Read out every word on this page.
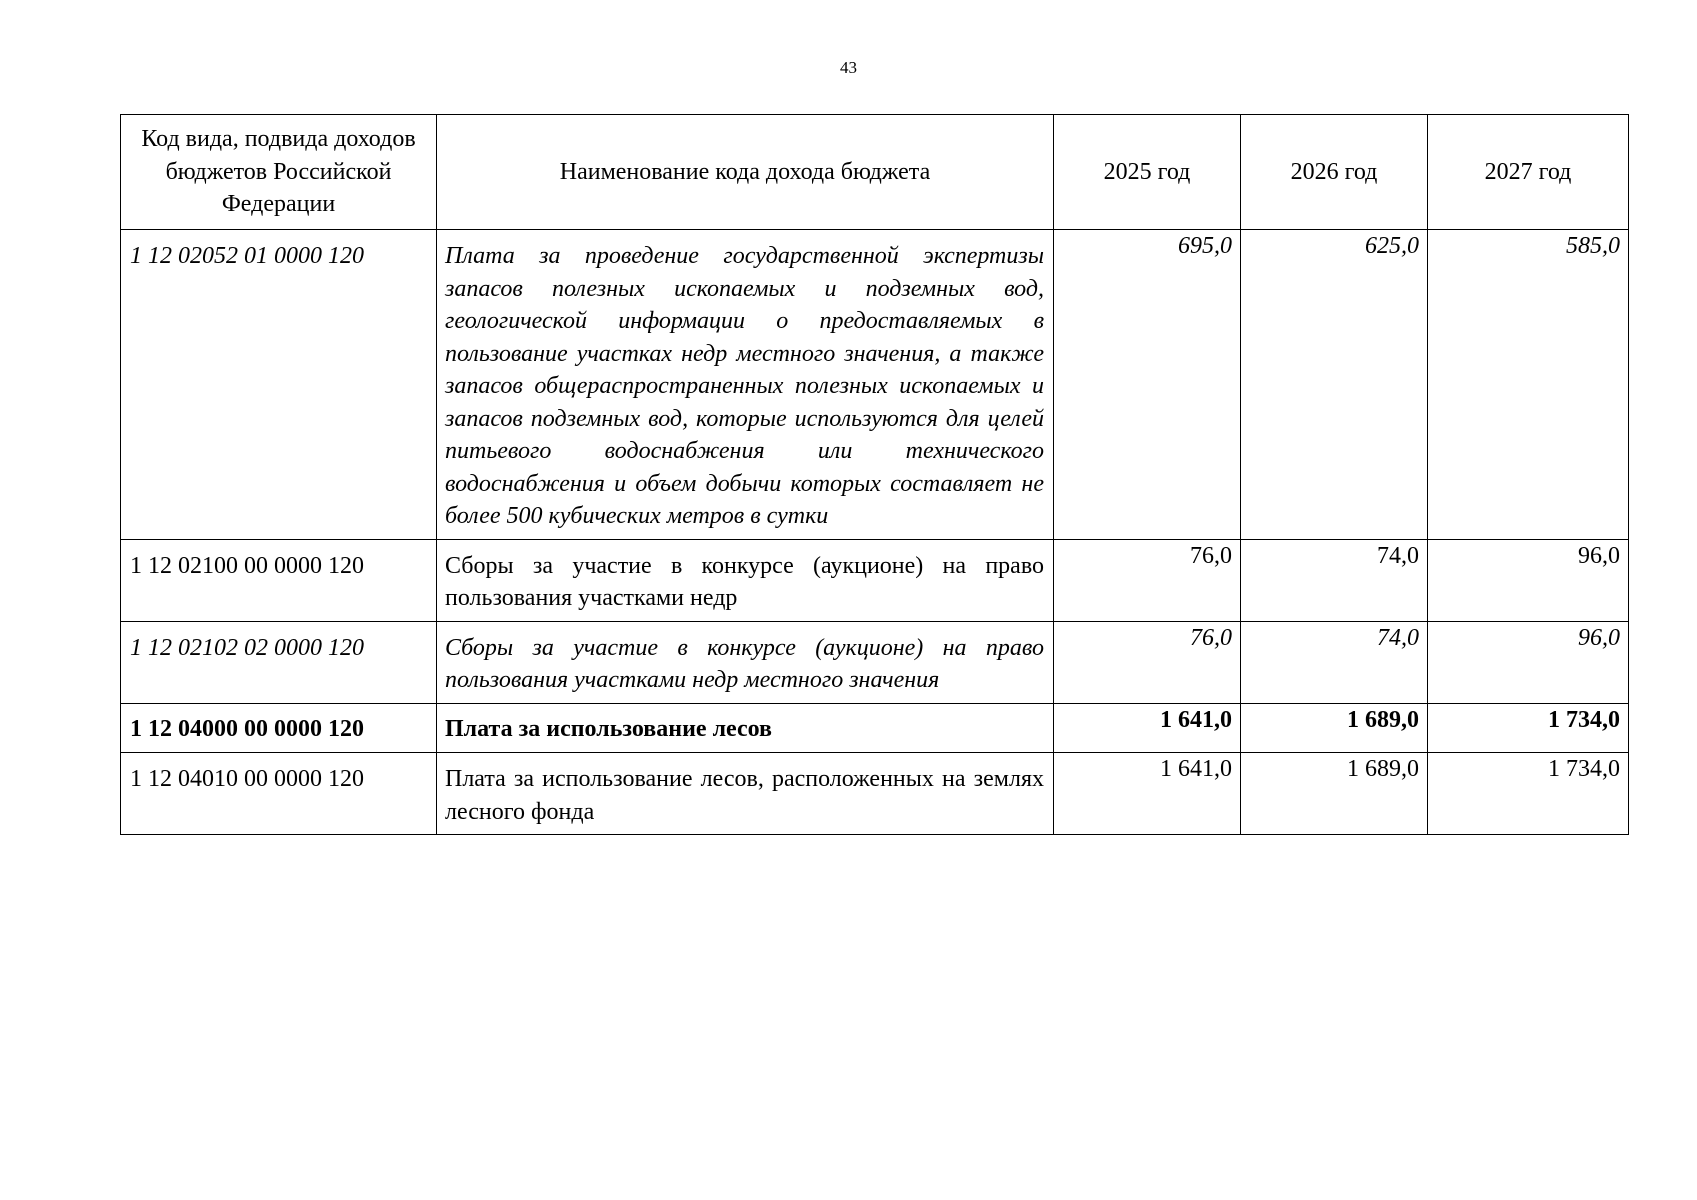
43
Код вида, подвида доходов бюджетов Российской Федерации	Наименование кода дохода бюджета	2025 год	2026 год	2027 год
1 12 02052 01 0000 120	Плата за проведение государственной экспертизы запасов полезных ископаемых и подземных вод, геологической информации о предоставляемых в пользование участках недр местного значения, а также запасов общераспространенных полезных ископаемых и запасов подземных вод, которые используются для целей питьевого водоснабжения или технического водоснабжения и объем добычи которых составляет не более 500 кубических метров в сутки	695,0	625,0	585,0
1 12 02100 00 0000 120	Сборы за участие в конкурсе (аукционе) на право пользования участками недр	76,0	74,0	96,0
1 12 02102 02 0000 120	Сборы за участие в конкурсе (аукционе) на право пользования участками недр местного значения	76,0	74,0	96,0
1 12 04000 00 0000 120	Плата за использование лесов	1 641,0	1 689,0	1 734,0
1 12 04010 00 0000 120	Плата за использование лесов, расположенных на землях лесного фонда	1 641,0	1 689,0	1 734,0
